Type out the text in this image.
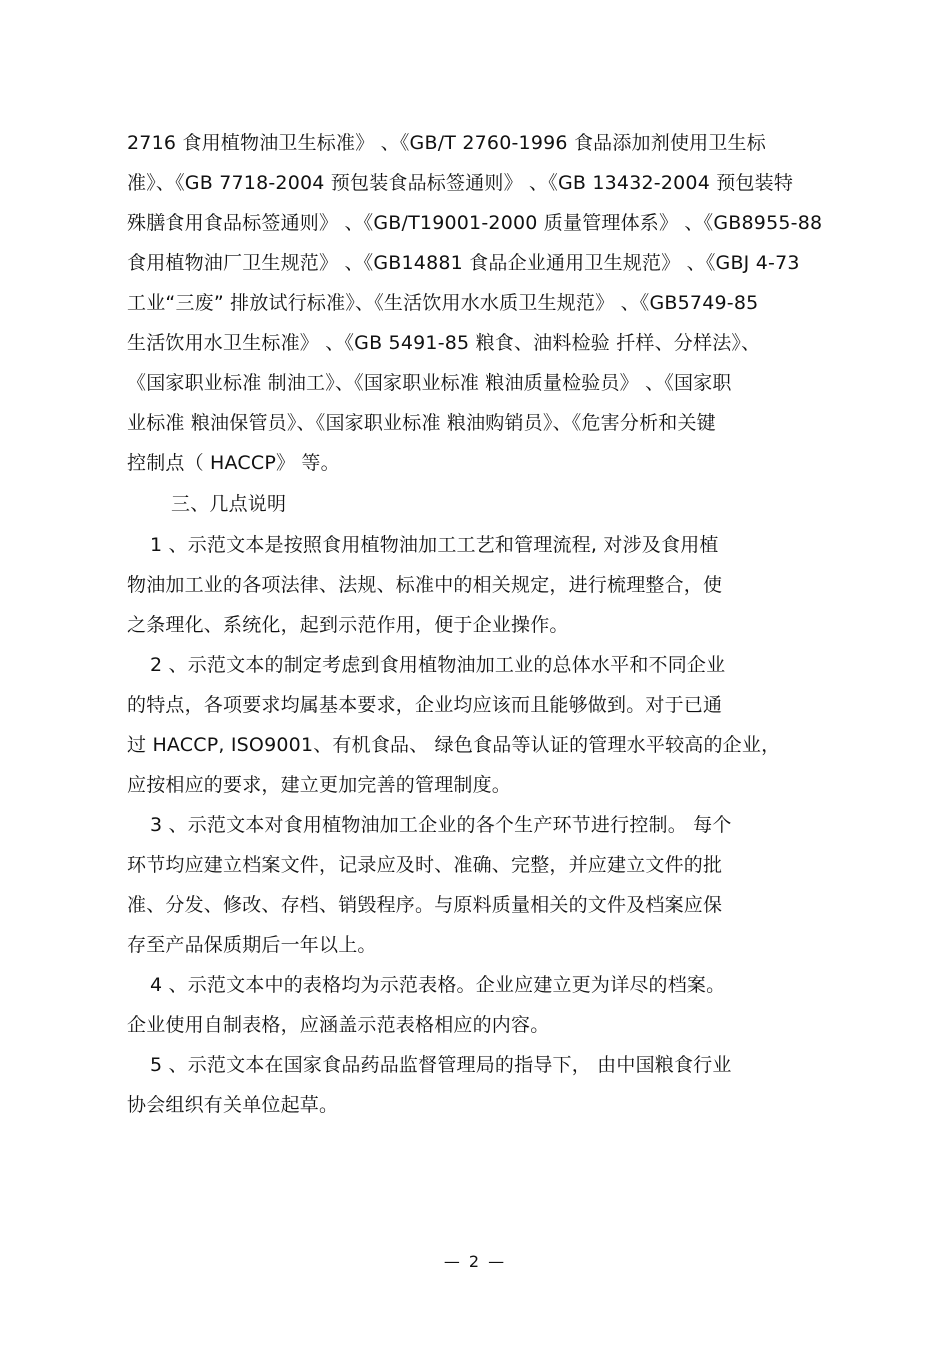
2716 食用植物油卫生标准》 、《GB/T 2760-1996 食品添加剂使用卫生标
准》、《GB 7718-2004 预包装食品标签通则》 、《GB 13432-2004 预包装特
殊膳食用食品标签通则》 、《GB/T19001-2000 质量管理体系》 、《GB8955-88
食用植物油厂卫生规范》 、《GB14881 食品企业通用卫生规范》 、《GBJ 4-73
工业“三废” 排放试行标准》、《生活饮用水水质卫生规范》 、《GB5749-85
生活饮用水卫生标准》 、《GB 5491-85 粮食、油料检验 扦样、分样法》、
《国家职业标准 制油工》、《国家职业标准 粮油质量检验员》 、《国家职
业标准 粮油保管员》、《国家职业标准 粮油购销员》、《危害分析和关键
控制点（ HACCP》 等。
三、几点说明
1 、示范文本是按照食用植物油加工工艺和管理流程, 对涉及食用植
物油加工业的各项法律、法规、标准中的相关规定，进行梳理整合，使
之条理化、系统化，起到示范作用，便于企业操作。
2 、示范文本的制定考虑到食用植物油加工业的总体水平和不同企业
的特点，各项要求均属基本要求，企业均应该而且能够做到。对于已通
过 HACCP, ISO9001、有机食品、 绿色食品等认证的管理水平较高的企业，
应按相应的要求，建立更加完善的管理制度。
3 、示范文本对食用植物油加工企业的各个生产环节进行控制。 每个
环节均应建立档案文件，记录应及时、准确、完整，并应建立文件的批
准、分发、修改、存档、销毁程序。与原料质量相关的文件及档案应保
存至产品保质期后一年以上。
4 、示范文本中的表格均为示范表格。企业应建立更为详尽的档案。
企业使用自制表格，应涵盖示范表格相应的内容。
5 、示范文本在国家食品药品监督管理局的指导下， 由中国粮食行业
协会组织有关单位起草。
— 2 —
